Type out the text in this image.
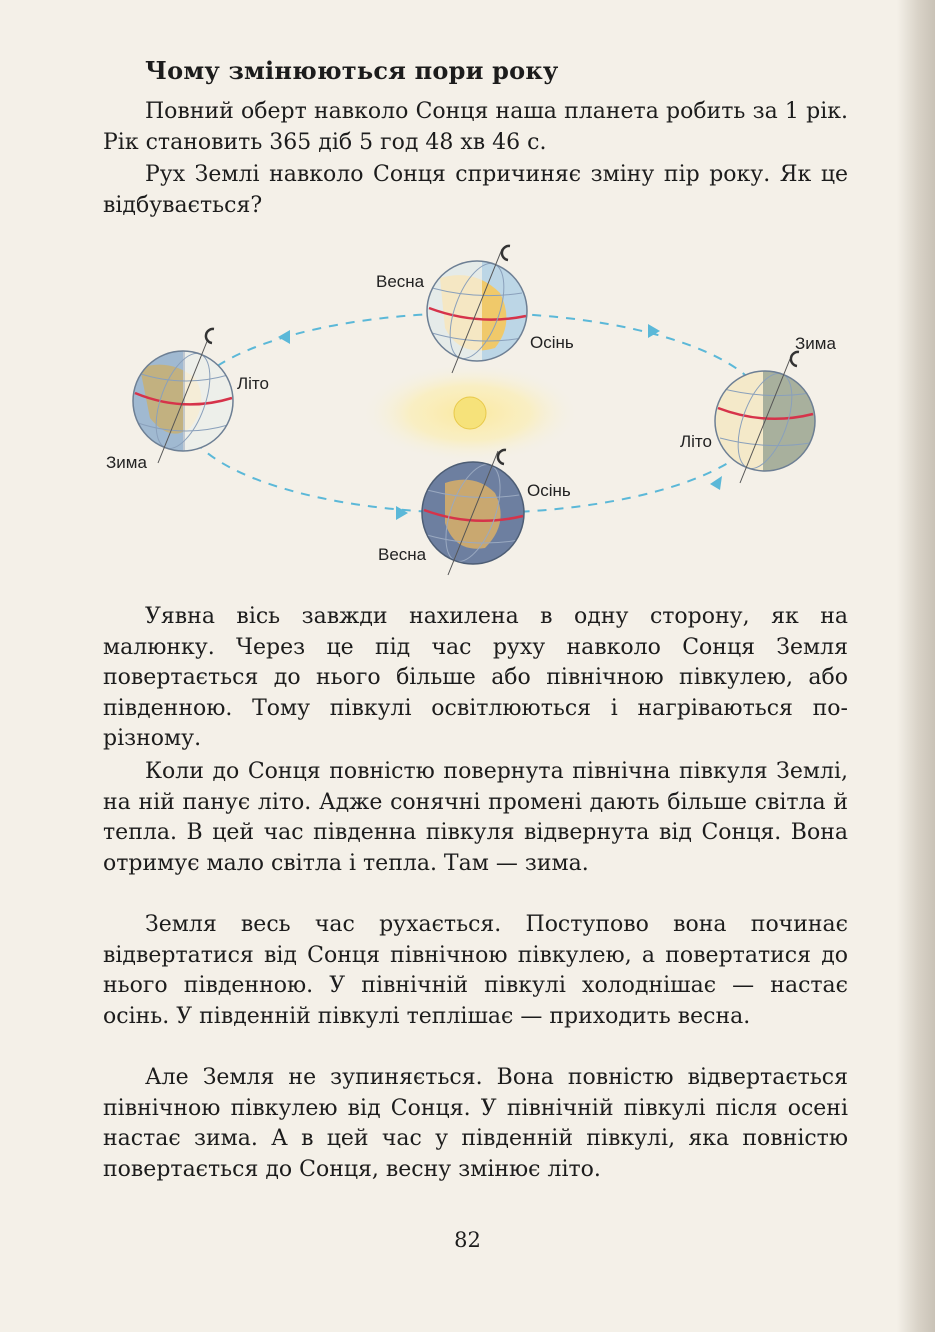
Чому змінюються пори року

Повний оберт навколо Сонця наша планета робить за 1 рік. Рік становить 365 діб 5 год 48 хв 46 с.

Рух Землі навколо Сонця спричиняє зміну пір року. Як це відбувається?

Літо
Зима
Весна
Осінь	Зима
Літо
Осінь
Весна

Уявна вісь завжди нахилена в одну сторону, як на малюнку. Через це під час руху навколо Сонця Земля повертається до нього більше або північною півкулею, або південною. Тому півкулі освітлюються і нагріваються по-різному.

Коли до Сонця повністю повернута північна півкуля Землі, на ній панує літо. Адже сонячні промені дають більше світла й тепла. В цей час південна півкуля відвернута від Сонця. Вона отримує мало світла і тепла. Там — зима.

Земля весь час рухається. Поступово вона починає відвертатися від Сонця північною півкулею, а повертатися до нього південною. У північній півкулі холоднішає — настає осінь. У південній півкулі теплішає — приходить весна.

Але Земля не зупиняється. Вона повністю відвертається північною півкулею від Сонця. У північній півкулі після осені настає зима. А в цей час у південній півкулі, яка повністю повертається до Сонця, весну змінює літо.

82
